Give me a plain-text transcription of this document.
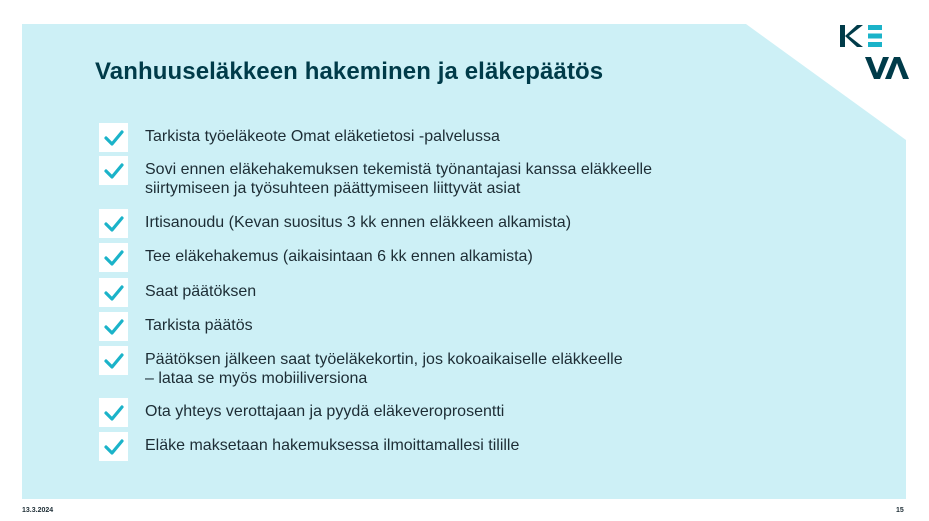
Vanhuuseläkkeen hakeminen ja eläkepäätös
Tarkista työeläkeote Omat eläketietosi -palvelussa
Sovi ennen eläkehakemuksen tekemistä työnantajasi kanssa eläkkeelle
siirtymiseen ja työsuhteen päättymiseen liittyvät asiat
Irtisanoudu (Kevan suositus 3 kk ennen eläkkeen alkamista)
Tee eläkehakemus (aikaisintaan 6 kk ennen alkamista)
Saat päätöksen
Tarkista päätös
Päätöksen jälkeen saat työeläkekortin, jos kokoaikaiselle eläkkeelle
– lataa se myös mobiiliversiona
Ota yhteys verottajaan ja pyydä eläkeveroprosentti
Eläke maksetaan hakemuksessa ilmoittamallesi tilille
13.3.2024	15
